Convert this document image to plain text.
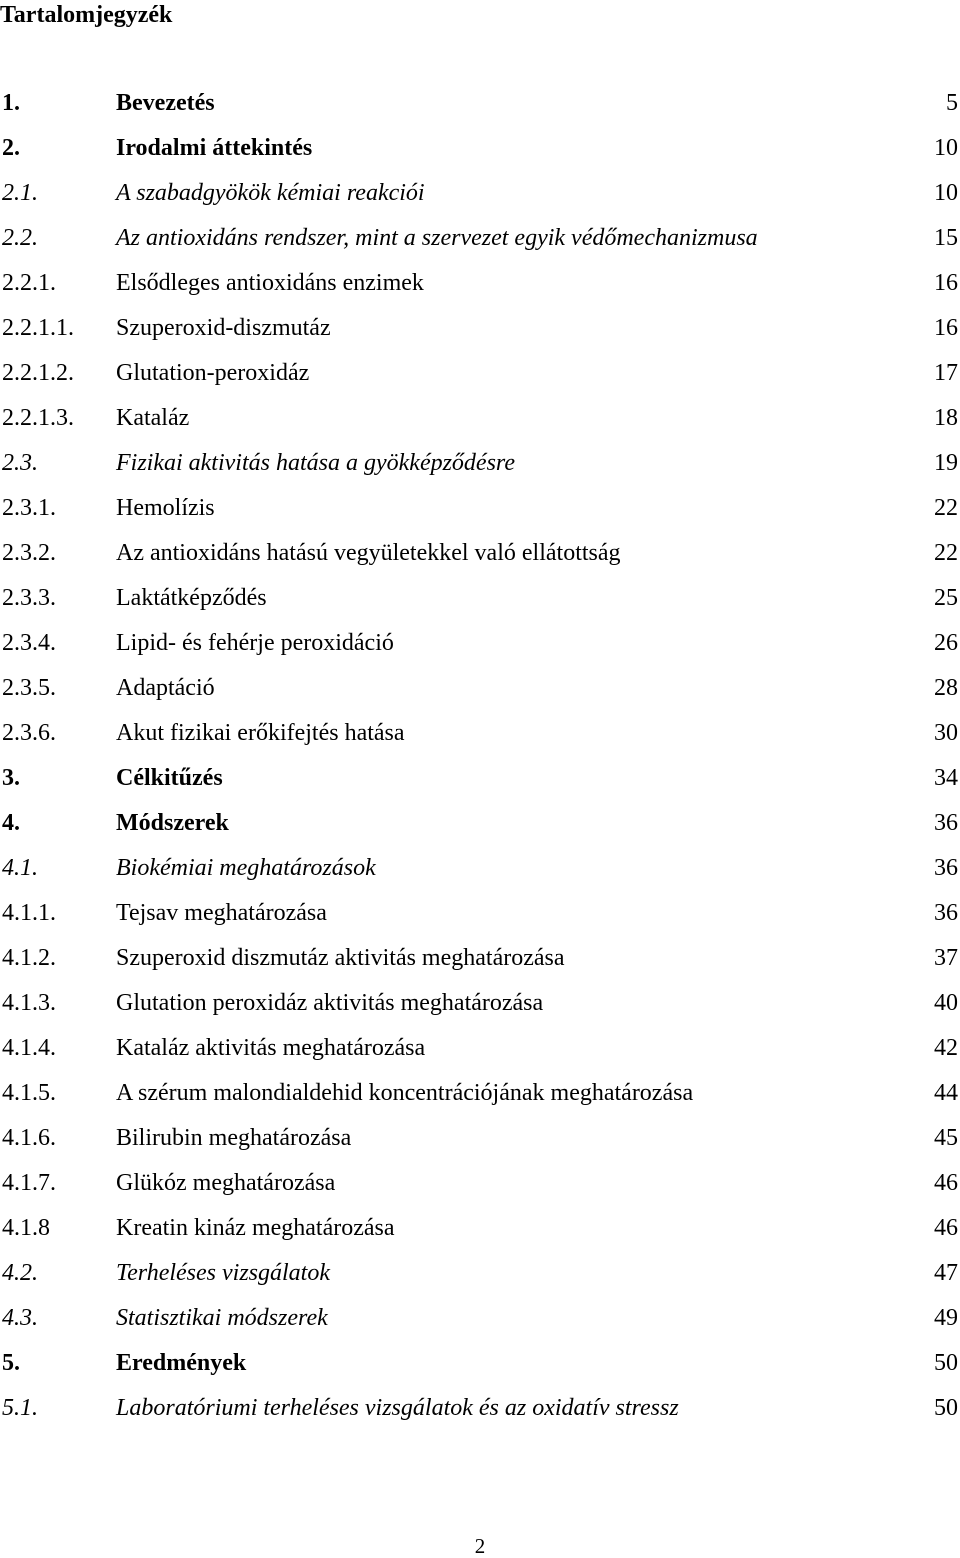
Tartalomjegyzék
1.	Bevezetés	5
2.	Irodalmi áttekintés	10
2.1.	A szabadgyökök kémiai reakciói	10
2.2.	Az antioxidáns rendszer, mint a szervezet egyik védőmechanizmusa	15
2.2.1.	Elsődleges antioxidáns enzimek	16
2.2.1.1. Szuperoxid-diszmutáz	16
2.2.1.2. Glutation-peroxidáz	17
2.2.1.3. Kataláz	18
2.3.	Fizikai aktivitás hatása a gyökképződésre	19
2.3.1.	Hemolízis	22
2.3.2.	Az antioxidáns hatású vegyületekkel való ellátottság	22
2.3.3.	Laktátképződés	25
2.3.4.	Lipid- és fehérje peroxidáció	26
2.3.5.	Adaptáció	28
2.3.6.	Akut fizikai erőkifejtés hatása	30
3.	Célkitűzés	34
4.	Módszerek	36
4.1.	Biokémiai meghatározások	36
4.1.1.	Tejsav meghatározása	36
4.1.2.	Szuperoxid diszmutáz aktivitás meghatározása	37
4.1.3.	Glutation peroxidáz aktivitás meghatározása	40
4.1.4.	Kataláz aktivitás meghatározása	42
4.1.5.	A szérum malondialdehid koncentrációjának meghatározása	44
4.1.6.	Bilirubin meghatározása	45
4.1.7.	Glükóz meghatározása	46
4.1.8	Kreatin kináz meghatározása	46
4.2.	Terheléses vizsgálatok	47
4.3.	Statisztikai módszerek	49
5.	Eredmények	50
5.1.	Laboratóriumi terheléses vizsgálatok és az oxidatív stressz	50
2
